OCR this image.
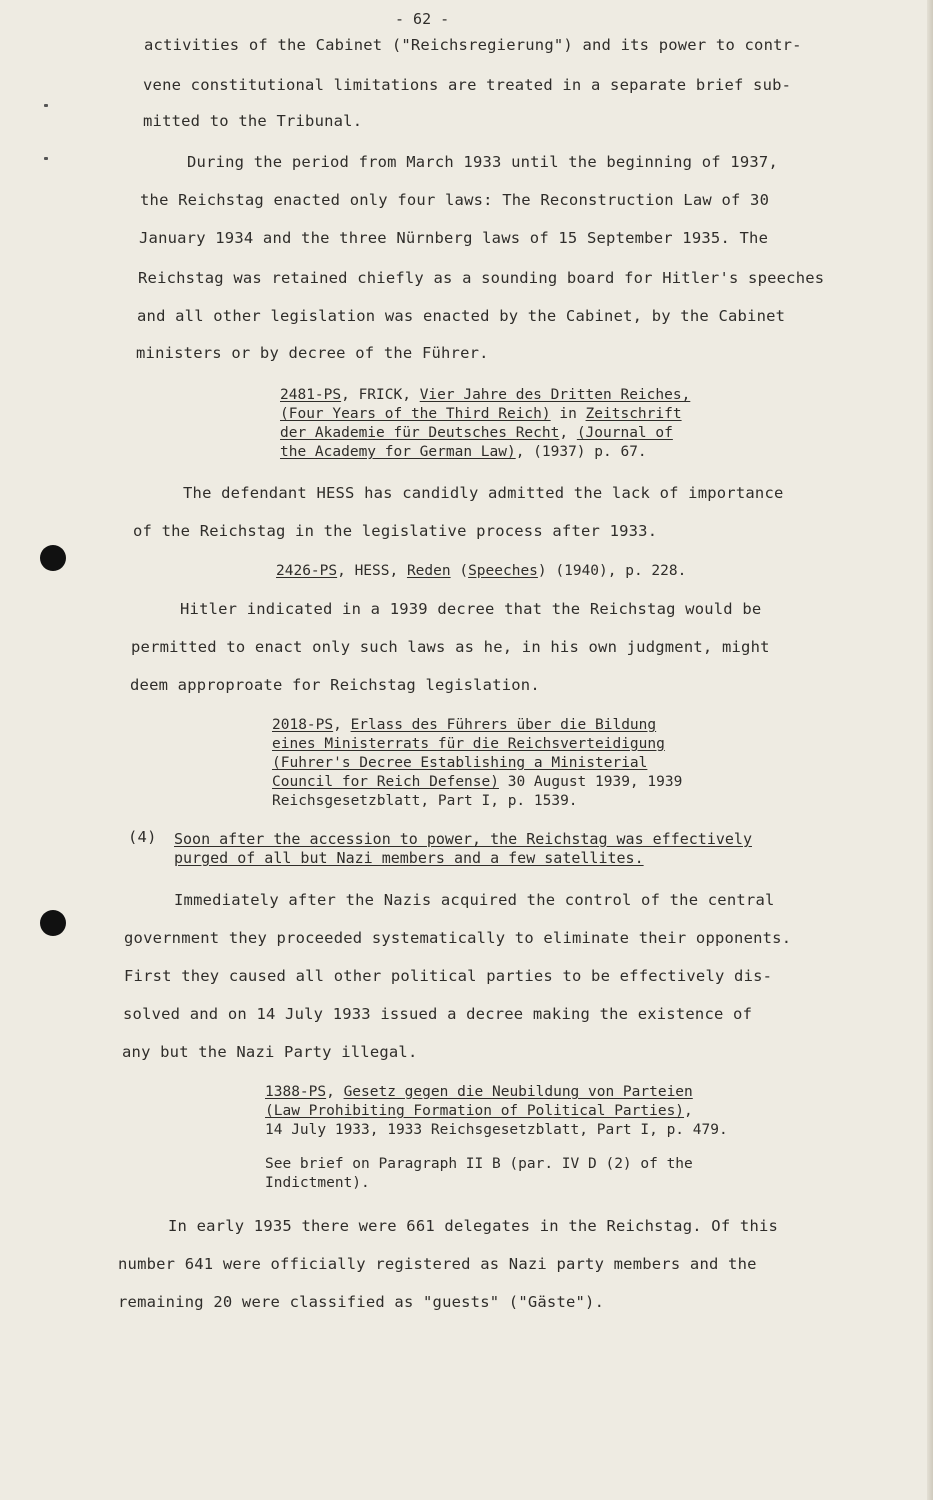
- 62 -
activities of the Cabinet ("Reichsregierung") and its power to contr-
vene constitutional limitations are treated in a separate brief sub-
mitted to the Tribunal.
During the period from March 1933 until the beginning of 1937,
the Reichstag enacted only four laws: The Reconstruction Law of 30
January 1934 and the three Nürnberg laws of 15 September 1935. The
Reichstag was retained chiefly as a sounding board for Hitler's speeches
and all other legislation was enacted by the Cabinet, by the Cabinet
ministers or by decree of the Führer.
2481-PS, FRICK, Vier Jahre des Dritten Reiches,
(Four Years of the Third Reich) in Zeitschrift
der Akademie für Deutsches Recht, (Journal of
the Academy for German Law), (1937) p. 67.
The defendant HESS has candidly admitted the lack of importance
of the Reichstag in the legislative process after 1933.
2426-PS, HESS, Reden (Speeches) (1940), p. 228.
Hitler indicated in a 1939 decree that the Reichstag would be
permitted to enact only such laws as he, in his own judgment, might
deem approproate for Reichstag legislation.
2018-PS, Erlass des Führers über die Bildung
eines Ministerrats für die Reichsverteidigung
(Fuhrer's Decree Establishing a Ministerial
Council for Reich Defense) 30 August 1939, 1939
Reichsgesetzblatt, Part I, p. 1539.
(4) Soon after the accession to power, the Reichstag was effectively
purged of all but Nazi members and a few satellites.
Immediately after the Nazis acquired the control of the central
government they proceeded systematically to eliminate their opponents.
First they caused all other political parties to be effectively dis-
solved and on 14 July 1933 issued a decree making the existence of
any but the Nazi Party illegal.
1388-PS, Gesetz gegen die Neubildung von Parteien
(Law Prohibiting Formation of Political Parties),
14 July 1933, 1933 Reichsgesetzblatt, Part I, p. 479.
See brief on Paragraph II B (par. IV D (2) of the
Indictment).
In early 1935 there were 661 delegates in the Reichstag. Of this
number 641 were officially registered as Nazi party members and the
remaining 20 were classified as "guests" ("Gäste").
